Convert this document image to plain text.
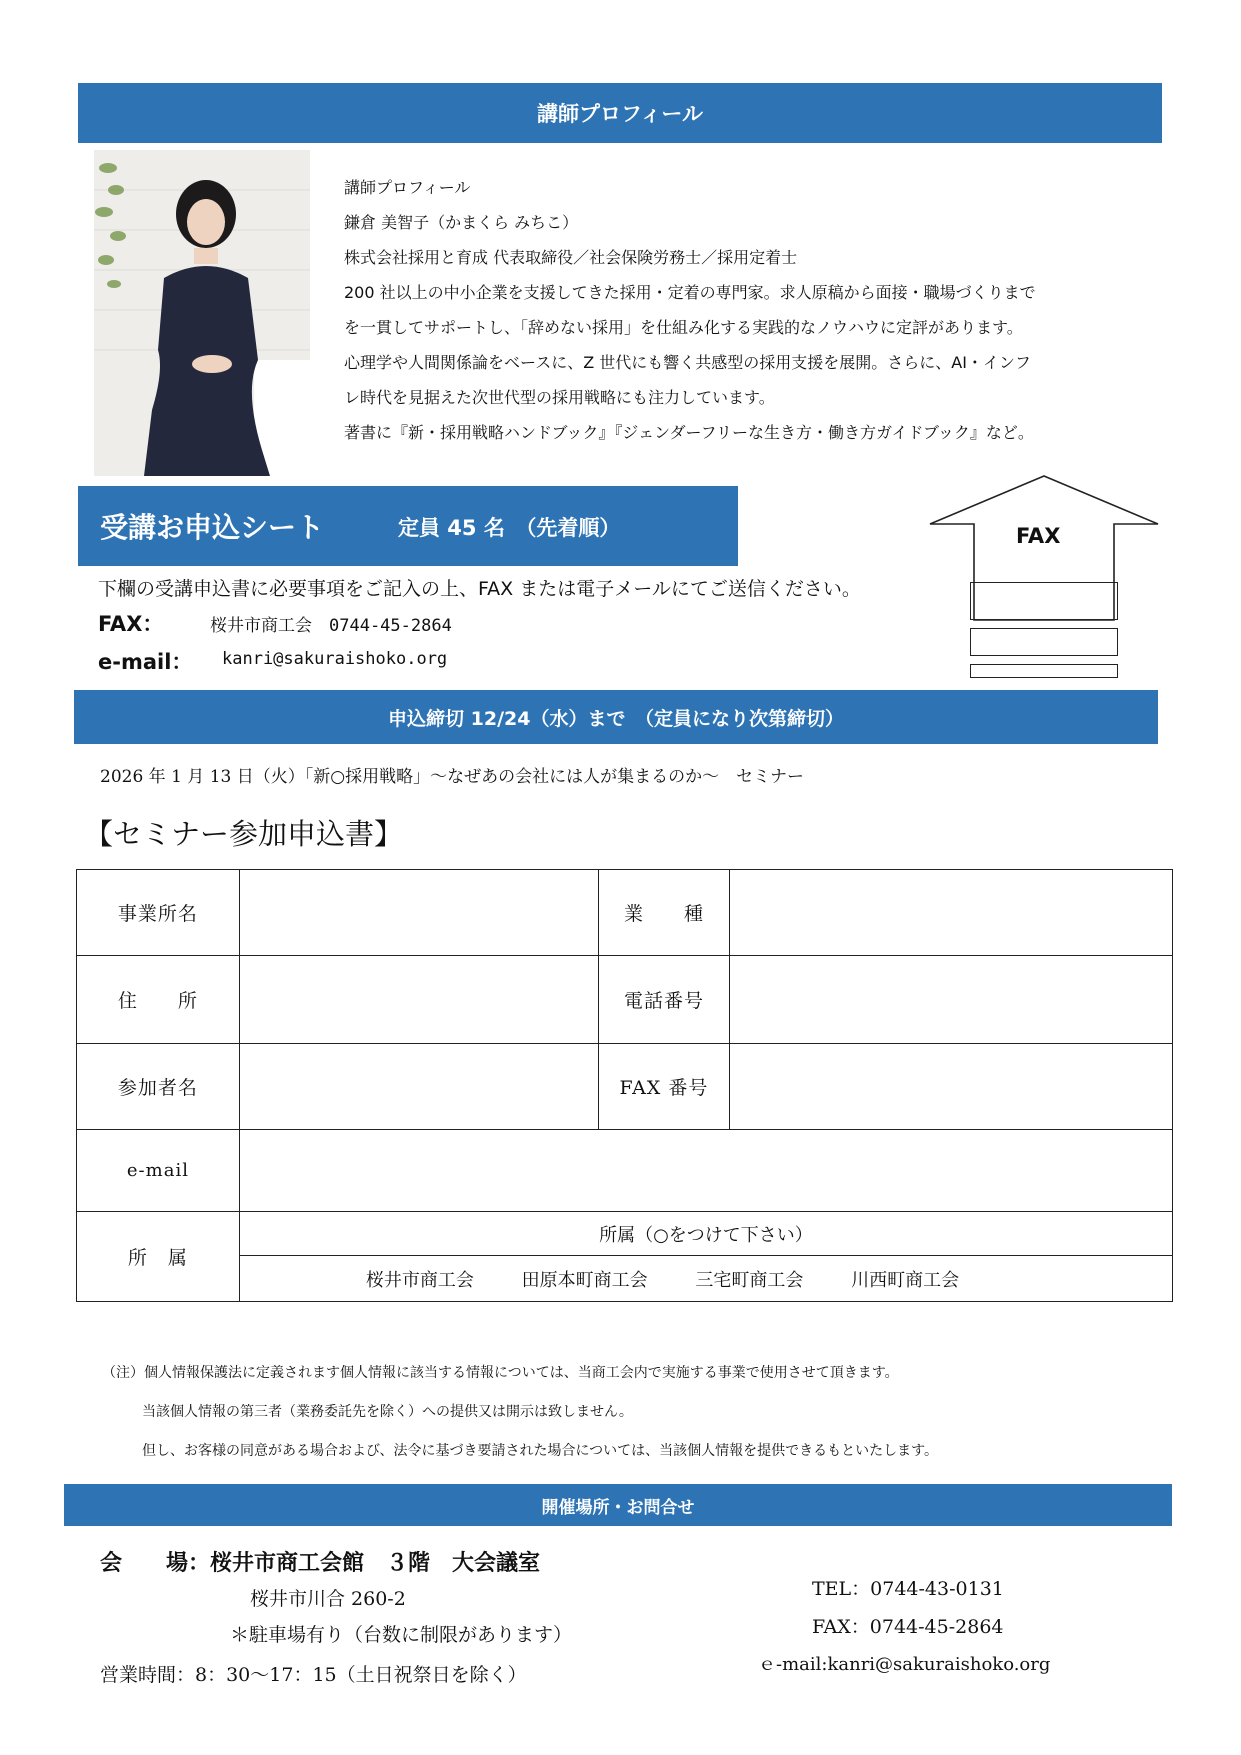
講師プロフィール
講師プロフィール
鎌倉 美智子（かまくら みちこ）
株式会社採用と育成 代表取締役／社会保険労務士／採用定着士
200 社以上の中小企業を支援してきた採用・定着の専門家。求人原稿から面接・職場づくりまで
を一貫してサポートし、「辞めない採用」を仕組み化する実践的なノウハウに定評があります。
心理学や人間関係論をベースに、Z 世代にも響く共感型の採用支援を展開。さらに、AI・インフ
レ時代を見据えた次世代型の採用戦略にも注力しています。
著書に『新・採用戦略ハンドブック』『ジェンダーフリーな生き方・働き方ガイドブック』など。
受講お申込シート	定員 45 名　（先着順）	FAX
下欄の受講申込書に必要事項をご記入の上、FAX または電子メールにてご送信ください。
FAX：	桜井市商工会　0744-45-2864
e-mail： kanri@sakuraishoko.org
申込締切 12/24（水）まで　（定員になり次第締切）
2026 年 1 月 13 日（火）「新○採用戦略」～なぜあの会社には人が集まるのか～　セミナー
【セミナー参加申込書】
事業所名		業　　種	
住　　所		電話番号	
参加者名		FAX 番号	
e-mail			
所　属	所属（○をつけて下さい）		
	桜井市商工会 田原本町商工会 三宅町商工会 川西町商工会		
（注）個人情報保護法に定義されます個人情報に該当する情報については、当商工会内で実施する事業で使用させて頂きます。
当該個人情報の第三者（業務委託先を除く）への提供又は開示は致しません。
但し、お客様の同意がある場合および、法令に基づき要請された場合については、当該個人情報を提供できるもといたします。
開催場所・お問合せ
会　　場：桜井市商工会館　３階　大会議室
桜井市川合 260-2
＊駐車場有り（台数に制限があります）
営業時間：8：30～17：15（土日祝祭日を除く）
TEL：0744-43-0131
FAX：0744-45-2864
ｅ-mail:kanri@sakuraishoko.org
